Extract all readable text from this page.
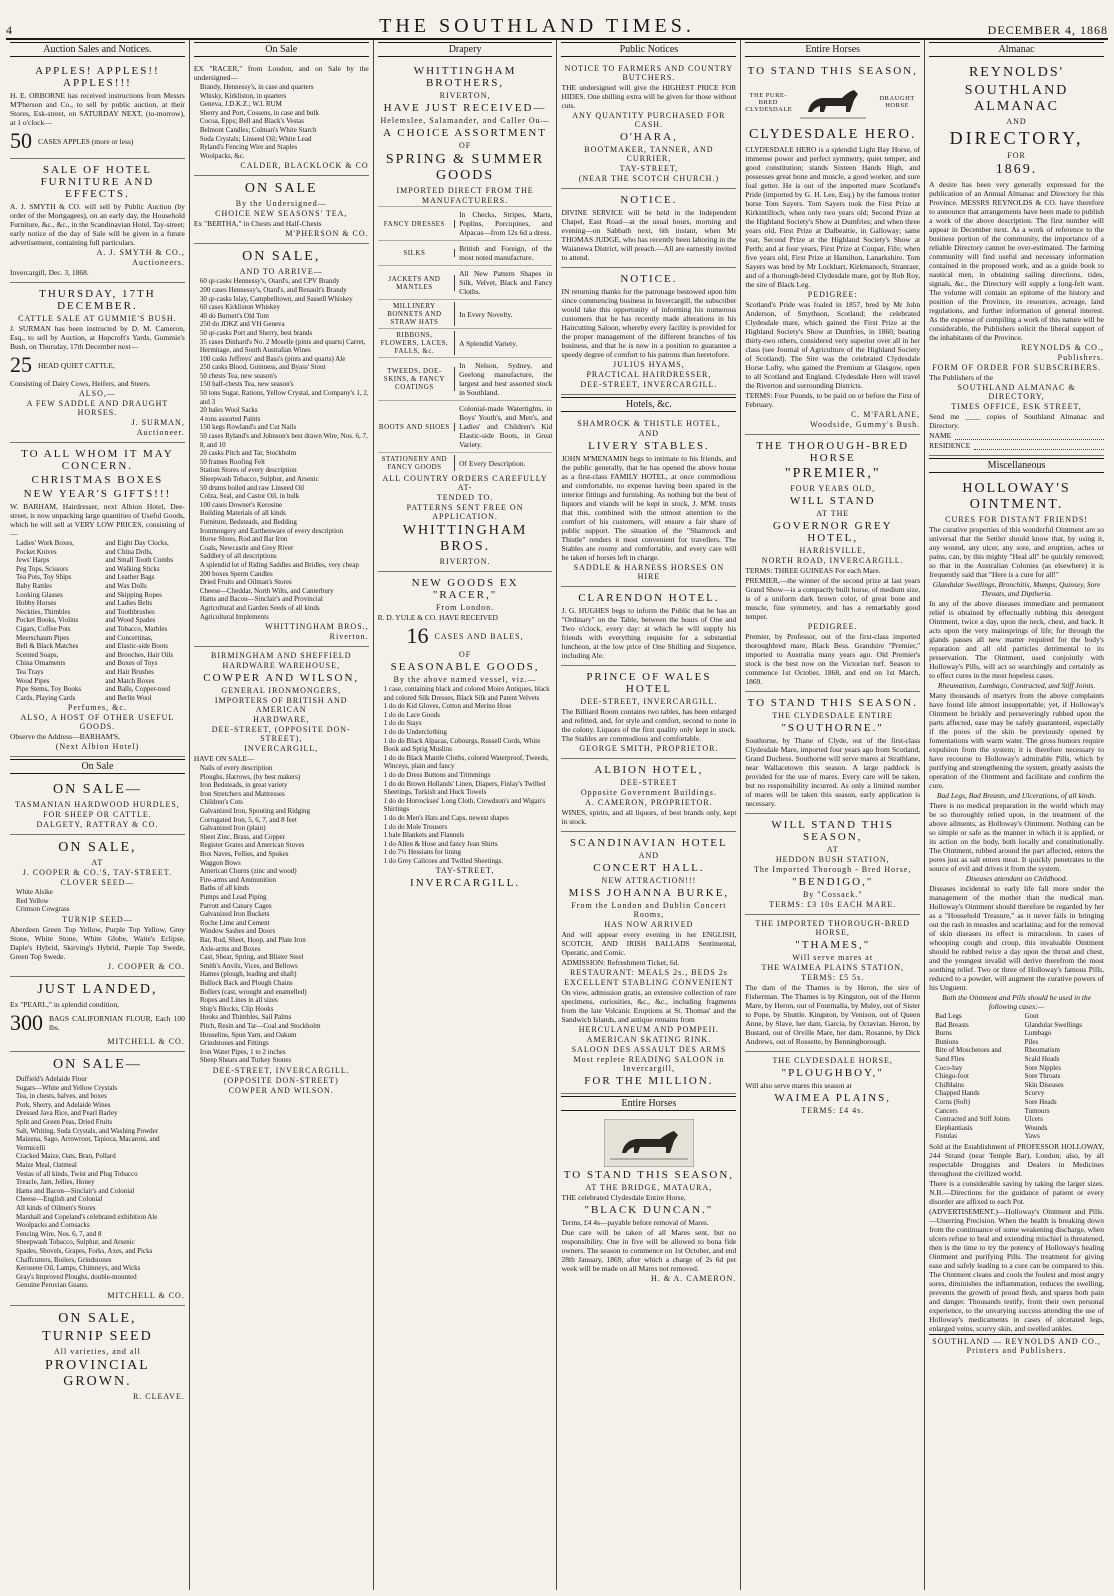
4	THE SOUTHLAND TIMES.	DECEMBER 4, 1868
Auction Sales and Notices.
APPLES! APPLES!! APPLES!!!
H. E. ORBORNE has received instructions from Messrs M'Pherson and Co., to sell by public auction, at their Stores, Esk-street, on SATURDAY NEXT, (to-morrow), at 1 o'clock—
50 CASES APPLES (more or less)
SALE OF HOTEL FURNITURE AND EFFECTS.
A. J. SMYTH & CO. will sell by Public Auction (by order of the Mortgagees), on an early day, the Household Furniture, &c., &c., in the Scandinavian Hotel, Tay-street; early notice of the day of Sale will be given in a future advertisement, containing full particulars.
A. J. SMYTH & CO.,
Auctioneers.
Invercargill, Dec. 3, 1868.
THURSDAY, 17TH DECEMBER.
CATTLE SALE AT GUMMIE'S BUSH.
J. SURMAN has been instructed by D. M. Cameron, Esq., to sell by Auction, at Hopcroft's Yards, Gummie's Bush, on Thursday, 17th December next—
25 HEAD QUIET CATTLE,
Consisting of Dairy Cows, Heifers, and Steers.
ALSO,—
A FEW SADDLE AND DRAUGHT HORSES.
J. SURMAN,
Auctioneer.
TO ALL WHOM IT MAY CONCERN.
CHRISTMAS BOXES
NEW YEAR'S GIFTS!!!
W. BARHAM, Hairdresser, next Albion Hotel, Dee-street, is now unpacking large quantities of Useful Goods, which he will sell at VERY LOW PRICES, consisting of—
Ladies' Work Boxes,
Pocket Knives
Jews' Harps
Peg Tops, Scissors
Tea Pots, Toy Ships
Baby Rattles
Looking Glasses
Hobby Horses
Neckties, Thimbles
Pocket Books, Violins
Cigars, Coffee Pots
Meerschaum Pipes
Bell & Black Matches
Scented Soaps,
China Ornaments
Tea Trays
Wood Pipes
Pipe Stems, Toy Books
Cards, Playing Cards
and Eight Day Clocks,
and China Dolls,
and Small Tooth Combs
and Walking Sticks
and Leather Bags
and Wax Dolls
and Skipping Ropes
and Ladies Belts
and Toothbrushes
and Wood Spades
and Tobacco, Marbles
and Concertinas,
and Elastic-side Boots
and Brooches, Hair Oils
and Boxes of Toys
and Hair Brushes
and Match Boxes
and Balls, Copper-toed
and Berlin Wool
Perfumes, &c.
ALSO, A HOST OF OTHER USEFUL GOODS.
Observe the Address—BARHAM'S,
(Next Albion Hotel)
On Sale
ON SALE—
TASMANIAN HARDWOOD HURDLES,
FOR SHEEP OR CATTLE.
DALGETY, RATTRAY & CO.
ON SALE,
AT
J. COOPER & CO.'S, TAY-STREET.
CLOVER SEED—
White Alsike
Red Yellow
Crimson Cowgrass
TURNIP SEED—
Aberdeen Green Top Yellow, Purple Top Yellow, Grey Stone, White Stone, White Globe, Waite's Eclipse, Daple's Hybrid, Skirving's Hybrid, Purple Top Swede, Green Top Swede.
J. COOPER & CO.
JUST LANDED,
Ex "PEARL," in splendid condition,
300 BAGS CALIFORNIAN FLOUR, Each 100 lbs.
MITCHELL & CO.
ON SALE—
Duffield's Adelaide Flour
Sugars—White and Yellow Crystals
Tea, in chests, halves, and boxes
Pork, Sherry, and Adelaide Wines
Dressed Java Rice, and Pearl Barley
Split and Green Peas, Dried Fruits
Salt, Whiting, Soda Crystals, and Washing Powder
Maizena, Sago, Arrowroot, Tapioca, Macaroni, and Vermicelli
Cracked Maize, Oats, Bran, Pollard
Maize Meal, Oatmeal
Vestas of all kinds, Twist and Plug Tobacco
Treacle, Jam, Jellies, Honey
Hams and Bacon—Sinclair's and Colonial
Cheese—English and Colonial
All kinds of Oilmen's Stores
Marshall and Copeland's celebrated exhibition Ale
Woolpacks and Cornsacks
Fencing Wire, Nos. 6, 7, and 8
Sheepwash Tobacco, Sulphur, and Arsenic
Spades, Shovels, Grapes, Forks, Axes, and Picks
Chaffcutters, Boilers, Grindstones
Kerosene Oil, Lamps, Chimneys, and Wicks
Gray's Improved Ploughs, double-mounted
Genuine Peruvian Guano.
MITCHELL & CO.
ON SALE,
TURNIP SEED
All varieties, and all
PROVINCIAL GROWN.
R. CLEAVE.
On Sale
EX "RACER," from London, and on Sale by the undersigned—
Brandy, Hennessy's, in case and quarters
Whisky, Kirkliston, in quarters
Geneva, J.D.K.Z.; W.I. RUM
Sherry and Port, Cossens, in case and bulk
Cocoa, Epps; Bell and Black's Vestas
Belmont Candles; Colman's White Starch
Soda Crystals; Linseed Oil; White Lead
Ryland's Fencing Wire and Staples
Woolpacks, &c.
CALDER, BLACKLOCK & CO
ON SALE
By the Undersigned—
CHOICE NEW SEASONS' TEA,
Ex "BERTHA," in Chests and Half-Chests
M'PHERSON & CO.
ON SALE,
AND TO ARRIVE—
60 qr-casks Hennessy's, Otard's, and CPV Brandy
200 cases Hennessy's, Otard's, and Renault's Brandy
30 qr-casks Islay, Campbelltown, and Sassell Whiskey
60 cases Kirkliston Whiskey
40 do Burnett's Old Tom
250 do JDKZ and VH Geneva
50 qr-casks Port and Sherry, best brands
35 cases Dinhard's No. 2 Moselle (pints and quarts) Carret, Hermitage, and South Australian Wines
100 casks Jeffreys' and Bass's (pints and quarts) Ale
250 casks Blood, Guinness, and Byass' Stout
50 chests Tea, new season's
150 half-chests Tea, new season's
50 tons Sugar, Rations, Yellow Crystal, and Company's 1, 2, and 3
20 bales Wool Sacks
4 tons assorted Paints
150 kegs Rowland's and Cut Nails
50 cases Ryland's and Johnson's best drawn Wire, Nos. 6, 7, 8, and 10
20 casks Pitch and Tar, Stockholm
50 frames Roofing Felt
Station Stores of every description
Sheepwash Tobacco, Sulphur, and Arsenic
50 drums boiled and raw Linseed Oil
Colza, Seal, and Castor Oil, in bulk
100 cases Downer's Kerosine
Building Materials of all kinds
Furniture, Bedsteads, and Bedding
Ironmongery and Earthenware of every description
Horse Shoes, Rod and Bar Iron
Coals, Newcastle and Grey River
Saddlery of all descriptions
A splendid lot of Riding Saddles and Bridles, very cheap
200 boxes Sperm Candles
Dried Fruits and Oilman's Stores
Cheese—Cheddar, North Wilts, and Canterbury
Hams and Bacon—Sinclair's and Provincial
Agricultural and Garden Seeds of all kinds
Agricultural Implements
WHITTINGHAM BROS.,
Riverton.
BIRMINGHAM AND SHEFFIELD
HARDWARE WAREHOUSE,
COWPER AND WILSON,
GENERAL IRONMONGERS,
IMPORTERS OF BRITISH AND AMERICAN
HARDWARE,
DEE-STREET, (OPPOSITE DON-STREET),
INVERCARGILL,
HAVE ON SALE—
Nails of every description
Ploughs, Harrows, (by best makers)
Iron Bedsteads, in great variety
Iron Stretchers and Mattresses
Children's Cots
Galvanized Iron, Spouting and Ridging
Corrugated Iron, 5, 6, 7, and 8 feet
Galvanized Iron (plain)
Sheet Zinc, Brass, and Copper
Register Grates and American Stoves
Box Naves, Fellies, and Spokes
Waggon Bows
American Churns (zinc and wood)
Fire-arms and Ammunition
Baths of all kinds
Pumps and Lead Piping
Parrott and Canary Cages
Galvanized Iron Buckets
Roche Lime and Cement
Window Sashes and Doors
Bar, Rod, Sheet, Hoop, and Plate Iron
Axle-arms and Boxes
Cast, Shear, Spring, and Blister Steel
Smith's Anvils, Vices, and Bellows
Hames (plough, leading and shaft)
Bullock Back and Plough Chains
Bollers (cast, wrought and enamelled)
Ropes and Lines in all sizes
Ship's Blocks, Clip Hooks
Hooks and Thimbles, Sail Palms
Pitch, Resin and Tar—Coal and Stockholm
Houselins, Spun Yarn, and Oakum
Grindstones and Fittings
Iron Water Pipes, 1 to 2 inches
Sheep Shears and Turkey Stones
DEE-STREET, INVERCARGILL.
(OPPOSITE DON-STREET)
COWPER AND WILSON.
Drapery
WHITTINGHAM BROTHERS,
RIVERTON,
HAVE JUST RECEIVED—
Helemslee, Salamander, and Caller Ou—
A CHOICE ASSORTMENT
OF
SPRING & SUMMER GOODS
IMPORTED DIRECT FROM THE
MANUFACTURERS.
FANCY DRESSES
In Checks, Stripes, Marts, Poplins, Porcupines, and Alpacas—from 12s 6d a dress.
SILKS	British and Foreign, of the most noted manufacture.
JACKETS AND MANTLES
All New Pattern Shapes in Silk, Velvet, Black and Fancy Cloths.
MILLINERY BONNETS AND STRAW HATS
In Every Novelty.
RIBBONS, FLOWERS, LACES, FALLS, &c.
A Splendid Variety.
TWEEDS, DOE-SKINS, & FANCY COATINGS
In Nelson, Sydney, and Geelong manufacture, the largest and best assorted stock in Southland.
BOOTS AND SHOES
Colonial-made Watertights, in Boys' Youth's, and Men's, and Ladies' and Children's Kid Elastic-side Boots, in Great Variety.
STATIONERY AND FANCY GOODS	Of Every Description.
ALL COUNTRY ORDERS CAREFULLY AT-
TENDED TO.
PATTERNS SENT FREE ON APPLICATION.
WHITTINGHAM BROS.
RIVERTON.
NEW GOODS EX "RACER,"
From London.
R. D. YULE & CO. HAVE RECEIVED
16 CASES AND BALES,
OF
SEASONABLE GOODS,
By the above named vessel, viz.—
1 case, containing black and colored Moire Antiques, black and colored Silk Dresses, Black Silk and Patent Velvets
1 do do Kid Gloves, Cotton and Merino Hose
1 do do Lace Goods
1 do do Stays
1 do do Underclothing
1 do do Black Alpacas, Cobourgs, Russell Cords, White Book and Sprig Muslins
1 do do Black Mantle Cloths, colored Waterproof, Tweeds, Winceys, plain and fancy
1 do do Dress Buttons and Trimmings
1 do do Brown Hollands' Linen, Diapers, Finlay's Twilled Sheetings, Turkish and Huck Towels
1 do do Horrockses' Long Cloth, Crewdson's and Wigan's Shirtings
1 do do Men's Hats and Caps, newest shapes
1 do do Mole Trousers
1 bale Blankets and Flannels
1 do Allen & Hose and fancy Jean Shirts
1 do 7½ Hessians for lining
1 do Grey Calicoes and Twilled Sheetings.
TAY-STREET,
INVERCARGILL.
Public Notices
NOTICE TO FARMERS AND COUNTRY BUTCHERS.
THE undersigned will give the HIGHEST PRICE FOR HIDES. One shilling extra will be given for those without cuts.
ANY QUANTITY PURCHASED FOR CASH.
O'HARA,
BOOTMAKER, TANNER, AND CURRIER,
TAY-STREET,
(NEAR THE SCOTCH CHURCH.)
NOTICE.
DIVINE SERVICE will be held in the Independent Chapel, East Road—at the usual hours, morning and evening—on Sabbath next, 6th instant, when Mr THOMAS JUDGE, who has recently been laboring in the Waianewa District, will preach.—All are earnestly invited to attend.
NOTICE.
IN returning thanks for the patronage bestowed upon him since commencing business in Invercargill, the subscriber would take this opportunity of informing his numerous customers that he has recently made alterations in his Haircutting Saloon, whereby every facility is provided for the proper management of the different branches of his business, and that he is now in a position to guarantee a speedy degree of comfort to his patrons than heretofore.
JULIUS HYAMS,
PRACTICAL HAIRDRESSER,
DEE-STREET, INVERCARGILL.
Hotels, &c.
SHAMROCK & THISTLE HOTEL,
AND
LIVERY STABLES.
JOHN M'MENAMIN begs to intimate to his friends, and the public generally, that he has opened the above house as a first-class FAMILY HOTEL, at once commodious and comfortable, no expense having been spared in the interior fittings and furnishing. As nothing but the best of liquors and viands will be kept in stock, J. M'M. trusts that this, combined with the utmost attention to the comfort of his customers, will ensure a fair share of public support. The situation of the "Shamrock and Thistle" renders it most convenient for travellers. The Stables are roomy and comfortable, and every care will be taken of horses left in charge.
SADDLE & HARNESS HORSES ON HIRE
CLARENDON HOTEL.
J. G. HUGHES begs to inform the Public that he has an "Ordinary" on the Table, between the hours of One and Two o'clock, every day: at which he will supply his friends with everything requisite for a substantial luncheon, at the low price of One Shilling and Sixpence, including Ale.
PRINCE OF WALES HOTEL
DEE-STREET, INVERCARGILL.
The Billiard Room contains two tables, has been enlarged and refitted, and, for style and comfort, second to none in the colony. Liquors of the first quality only kept in stock. The Stables are commodious and comfortable.
GEORGE SMITH, PROPRIETOR.
ALBION HOTEL,
DEE-STREET
Opposite Government Buildings.
A. CAMERON, PROPRIETOR.
WINES, spirits, and all liquors, of best brands only, kept in stock.
SCANDINAVIAN HOTEL
AND
CONCERT HALL.
NEW ATTRACTION!!!
MISS JOHANNA BURKE,
From the London and Dublin Concert Rooms,
HAS NOW ARRIVED
And will appear every evening in her ENGLISH, SCOTCH, AND IRISH BALLADS Sentimental, Operatic, and Comic.
ADMISSION: Refreshment Ticket, 6d.
RESTAURANT: MEALS 2s., BEDS 2s
EXCELLENT STABLING CONVENIENT
On view, admission gratis, an extensive collection of rare specimens, curiosities, &c., &c., including fragments from the late Volcanic Eruptions at St. Thomas' and the Sandwich Islands, and antique remains from
HERCULANEUM AND POMPEII.
AMERICAN SKATING RINK.
SALOON DES ASSAULT DES ARMS
Most replete READING SALOON in Invercargill,
FOR THE MILLION.
Entire Horses
TO STAND THIS SEASON,
AT THE BRIDGE, MATAURA,
THE celebrated Clydesdale Entire Horse,
"BLACK DUNCAN."
Terms, £4 4s—payable before removal of Mares.
Due care will be taken of all Mares sent, but no responsibility. One in five will be allowed to bona fide owners. The season to commence on 1st October, and end 28th January, 1869, after which a charge of 2s 6d per week will be made on all Mares not removed.
H. & A. CAMERON.
Entire Horses
TO STAND THIS SEASON,
THE PURE-BRED CLYDESDALE
DRAUGHT HORSE
CLYDESDALE HERO.
CLYDESDALE HERO is a splendid Light Bay Horse, of immense power and perfect symmetry, quiet temper, and good constitution; stands Sixteen Hands High, and possesses great bone and muscle, a good worker, and sure foal getter. He is out of the imported mare Scotland's Pride (imported by G. H. Lee, Esq.) by the famous trotter horse Tom Sayers. Tom Sayers took the First Prize at Kirkintilloch, when only two years old; Second Prize at the Highland Society's Show at Dumfries; and when three years old, First Prize at Dalbeattie, in Galloway; same year, Second Prize at the Highland Society's Show at Perth; and at four years, First Prize at Coupar, Fife; when five years old, First Prize at Hamilton, Lanarkshire. Tom Sayers was bred by Mr Lockhart, Kirkmanoch, Stranraer, and of a thorough-bred Clydesdale mare, got by Rob Roy, the sire of Black Leg.
PEDIGREE:
Scotland's Pride was foaled in 1857, bred by Mr John Anderson, of Smythson, Scotland; the celebrated Clydesdale mare, which gained the First Prize at the Highland Society's Show at Dumfries, in 1860, beating thirty-two others, considered very superior over all in her class (see Journal of Agriculture of the Highland Society of Scotland). The Sire was the celebrated Clydesdale Horse Lofty, who gained the Premium at Glasgow, open to all Scotland and England. Clydesdale Hero will travel the Riverton and surrounding Districts.
TERMS: Four Pounds, to be paid on or before the First of February.
C. M'FARLANE,
Woodside, Gummy's Bush.
THE THOROUGH-BRED HORSE
"PREMIER,"
FOUR YEARS OLD,
WILL STAND
AT THE
GOVERNOR GREY HOTEL,
HARRISVILLE,
NORTH ROAD, INVERCARGILL.
TERMS: THREE GUINEAS For each Mare.
PREMIER,—the winner of the second prize at last years Grand Show—is a compactly built horse, of medium size, is of a uniform dark brown color, of great bone and muscle, fine symmetry, and has a remarkably good temper.
PEDIGREE.
Premier, by Professor, out of the first-class imported thoroughbred mare, Black Bess. Grandsire "Premier," imported to Australia many years ago. Old Premier's stock is the best now on the Victorian turf. Season to commence 1st October, 1868, and end on 1st March, 1869.
TO STAND THIS SEASON.
THE CLYDESDALE ENTIRE
"SOUTHORNE."
Southorne, by Thane of Clyde, out of the first-class Clydesdale Mare, imported four years ago from Scotland, Grand Duchess. Southorne will serve mares at Strathlane, near Wallacetown this season. A large paddock is provided for the use of mares. Every care will be taken, but no responsibility incurred. As only a limited number of mares will be taken this season, early application is necessary.
WILL STAND THIS SEASON,
AT
HEDDON BUSH STATION,
The Imported Thorough - Bred Horse,
"BENDIGO,"
By "Cossack."
TERMS: £3 10s EACH MARE.
THE IMPORTED THOROUGH-BRED HORSE,
"THAMES,"
Will serve mares at
THE WAIMEA PLAINS STATION,
TERMS: £5 5s.
The dam of the Thames is by Heron, the sire of Fisherman. The Thames is by Kingston, out of the Heron Mare, by Heron, out of Fourmalla, by Muley, out of Sister to Pope, by Shuttle. Kingston, by Venison, out of Queen Anne, by Slave, her dam, Garcia, by Octavian. Heron, by Bustard, out of Orville Mare, her dam, Rosanne, by Dick Andrews, out of Rossette, by Benningborough.
THE CLYDESDALE HORSE,
"PLOUGHBOY,"
Will also serve mares this season at
WAIMEA PLAINS,
TERMS: £4 4s.
Almanac
REYNOLDS'
SOUTHLAND ALMANAC
AND
DIRECTORY,
FOR
1869.
A desire has been very generally expressed for the publication of an Annual Almanac and Directory for this Province. MESSRS REYNOLDS & CO. have therefore to announce that arrangements have been made to publish a work of the above description. The first number will appear in December next. As a work of reference to the business portion of the community, the importance of a reliable Directory cannot be over-estimated. The farming community will find useful and necessary information contained in the proposed work, and as a guide book to nautical men, in obtaining sailing directions, tides, signals, &c., the Directory will supply a long-felt want. The volume will contain an epitome of the history and position of the Province, its resources, acreage, land regulations, and further information of general interest. As the expense of compiling a work of this nature will be considerable, the Publishers solicit the liberal support of the inhabitants of the Province.
REYNOLDS & CO.,
Publishers.
FORM OF ORDER FOR SUBSCRIBERS.
The Publishers of the
SOUTHLAND ALMANAC & DIRECTORY,
TIMES OFFICE, ESK STREET,
Send me ____ copies of Southland Almanac and Directory.
NAME
RESIDENCE
Miscellaneous
HOLLOWAY'S OINTMENT.
CURES FOR DISTANT FRIENDS!
The curative properties of this wonderful Ointment are so universal that the Settler should know that, by using it, any wound, any ulcer, any sore, and eruption, aches or pains, can, by this mighty "Heal all" be quickly removed; so that in the Australian Colonies (as elsewhere) it is frequently said that "Here is a cure for all!"
Glandular Swellings, Bronchitis, Mumps, Quinsey, Sore Throats, and Diptheria.
In any of the above diseases immediate and permanent relief is obtained by effectually rubbing this detergent Ointment, twice a day, upon the neck, chest, and back. It acts upon the very mainsprings of life; for through the glands passes all new matter required for the body's reparation and all old particles detrimental to its preservation. The Ointment, used conjointly with Holloway's Pills, will act so searchingly and certainly as to effect cures in the most hopeless cases.
Rheumatism, Lumbago, Contracted, and Stiff Joints.
Many thousands of martyrs from the above complaints have found life almost insupportable; yet, if Holloway's Ointment be briskly and perseveringly rubbed upon the parts affected, ease may be safely guaranteed, especially if the pores of the skin be previously opened by fomentations with warm water. The gross humors require expulsion from the system; it is therefore necessary to have recourse to Holloway's admirable Pills, which by purifying and strengthening the system, greatly assists the operation of the Ointment and facilitate and confirm the cure.
Bad Legs, Bad Breasts, and Ulcerations, of all kinds.
There is no medical preparation in the world which may be so thoroughly relied upon, in the treatment of the above ailments, as Holloway's Ointment. Nothing can be so simple or safe as the manner in which it is applied, or its action on the body, both locally and constitutionally. The Ointment, rubbed around the part affected, enters the pores just as salt enters meat. It quickly penetrates to the source of evil and drives it from the system.
Diseases attendant on Childhood.
Diseases incidental to early life fall more under the management of the mother than the medical man. Holloway's Ointment should therefore be regarded by her as a "Household Treasure," as it never fails in bringing out the rash in measles and scarlatina; and for the removal of skin diseases its effect is miraculous. In cases of whooping cough and croup, this invaluable Ointment should be rubbed twice a day upon the throat and chest, and the youngest invalid will derive therefrom the most soothing relief. Two or three of Holloway's famous Pills, reduced to a powder, will augment the curative powers of his Unguent.
Both the Ointment and Pills should be used in the following cases:—
Bad Legs
Bad Breasts
Burns
Bunions
Bite of Moschetoes and Sand Flies
Coco-bay
Chiego-foot
Chilblains
Chapped Hands
Corns (Soft)
Cancers
Contracted and Stiff Joints
Elephantiasis
Fistulas
Gout
Glandular Swellings
Lumbago
Piles
Rheumatism
Scald Heads
Sore Nipples
Sore Throats
Skin Diseases
Scurvy
Sore Heads
Tumours
Ulcers
Wounds
Yaws
Sold at the Establishment of PROFESSOR HOLLOWAY, 244 Strand (near Temple Bar), London; also, by all respectable Druggists and Dealers in Medicines throughout the civilized world.
There is a considerable saving by taking the larger sizes. N.B.—Directions for the guidance of patient or every disorder are affixed to each Pot.
(ADVERTISEMENT.)—Holloway's Ointment and Pills.—Unerring Precision. When the health is breaking down from the continuance of some weakening discharge, when ulcers refuse to heal and extending mischief is threatened, then is the time to try the potency of Holloway's healing Ointment and purifying Pills. The treatment for giving ease and safely leading to a cure can be compared to this. The Ointment cleans and cools the foulest and most angry sores, diminishes the inflammation, reduces the swelling, prevents the growth of proud flesh, and spares both pain and danger. Thousands testify, from their own personal experience, to the unvarying success attending the use of Holloway's medicaments in cases of ulcerated legs, enlarged veins, scurvy skin, and swelled ankles.
SOUTHLAND — REYNOLDS AND CO., Printers and Publishers.
